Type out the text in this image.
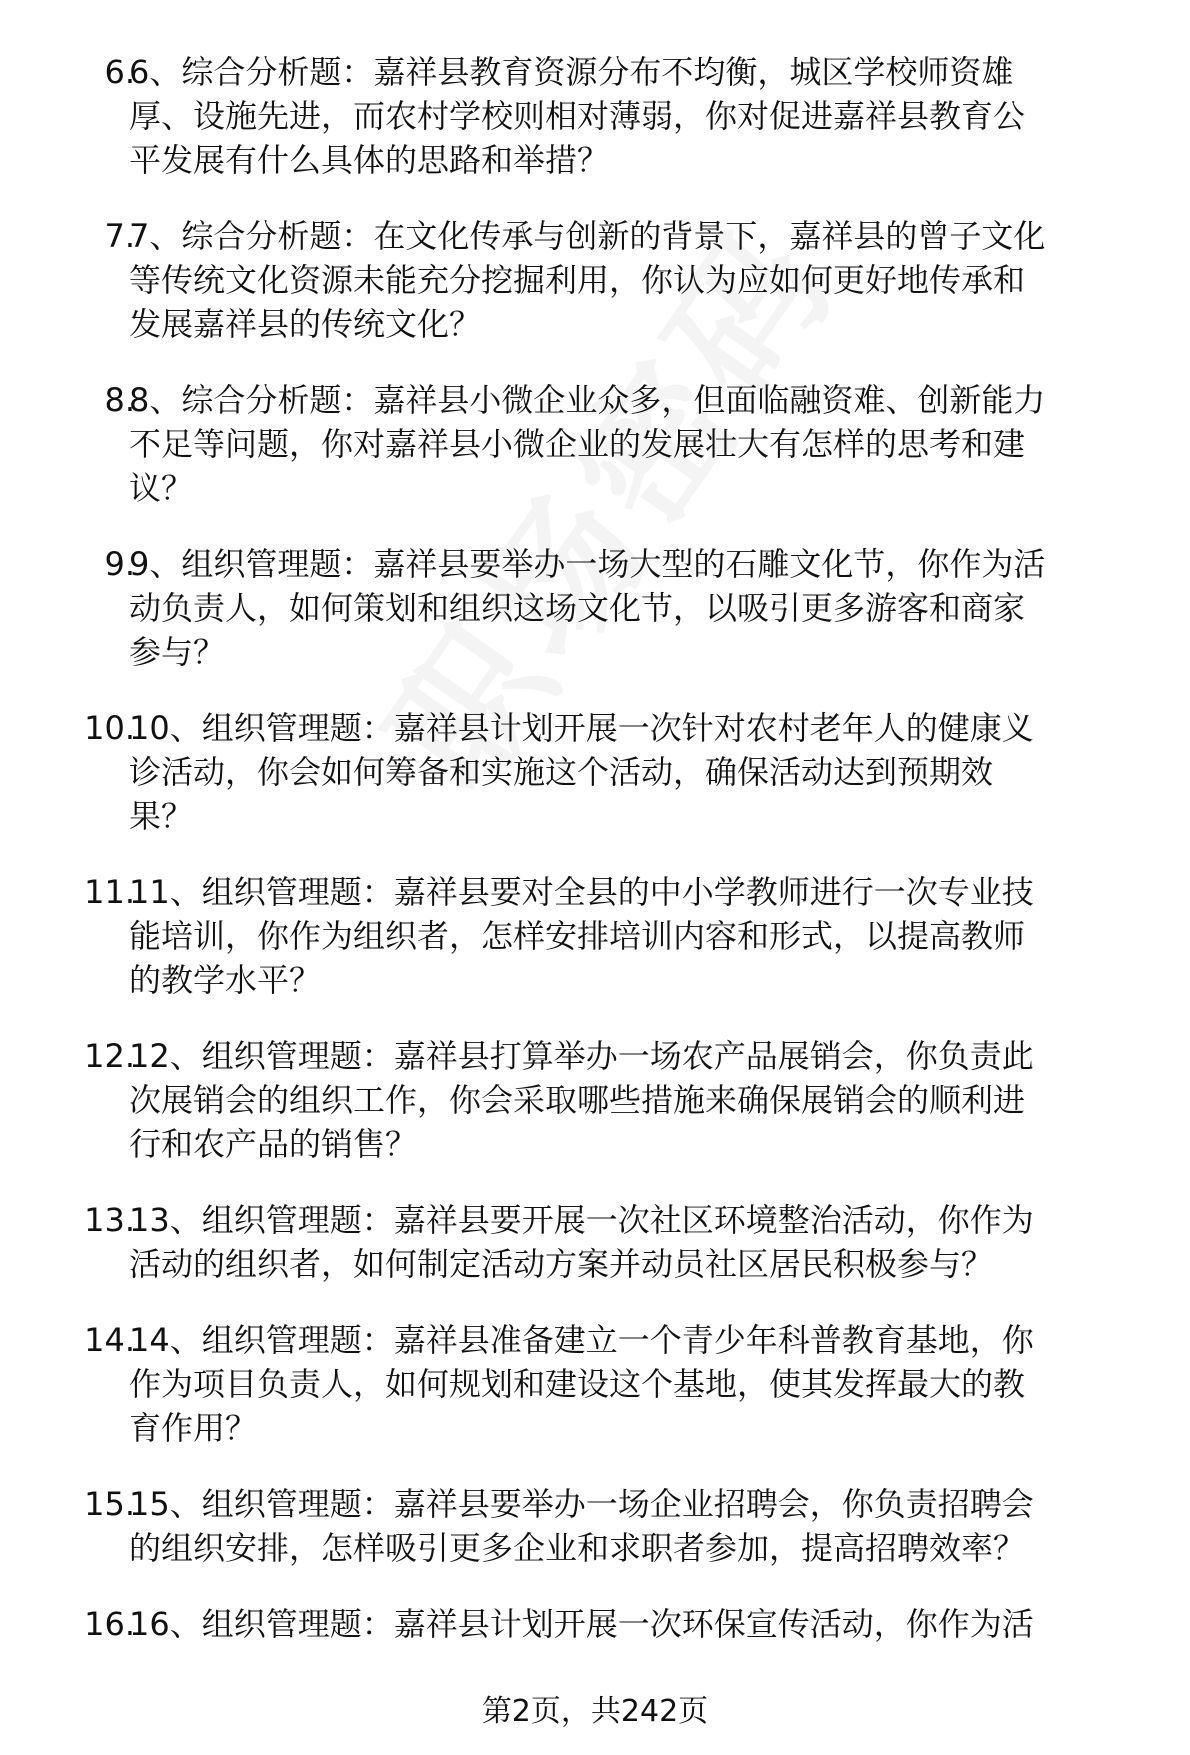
6.
6、综合分析题：嘉祥县教育资源分布不均衡，城区学校师资雄
厚、设施先进，而农村学校则相对薄弱，你对促进嘉祥县教育公
平发展有什么具体的思路和举措？
7.
7、综合分析题：在文化传承与创新的背景下，嘉祥县的曾子文化
等传统文化资源未能充分挖掘利用，你认为应如何更好地传承和
发展嘉祥县的传统文化？
8.
8、综合分析题：嘉祥县小微企业众多，但面临融资难、创新能力
不足等问题，你对嘉祥县小微企业的发展壮大有怎样的思考和建
议？
9.
9、组织管理题：嘉祥县要举办一场大型的石雕文化节，你作为活
动负责人，如何策划和组织这场文化节，以吸引更多游客和商家
参与？
10.
10、组织管理题：嘉祥县计划开展一次针对农村老年人的健康义
诊活动，你会如何筹备和实施这个活动，确保活动达到预期效
果？
11.
11、组织管理题：嘉祥县要对全县的中小学教师进行一次专业技
能培训，你作为组织者，怎样安排培训内容和形式，以提高教师
的教学水平？
12.
12、组织管理题：嘉祥县打算举办一场农产品展销会，你负责此
次展销会的组织工作，你会采取哪些措施来确保展销会的顺利进
行和农产品的销售？
13.
13、组织管理题：嘉祥县要开展一次社区环境整治活动，你作为
活动的组织者，如何制定活动方案并动员社区居民积极参与？
14.
14、组织管理题：嘉祥县准备建立一个青少年科普教育基地，你
作为项目负责人，如何规划和建设这个基地，使其发挥最大的教
育作用？
15.
15、组织管理题：嘉祥县要举办一场企业招聘会，你负责招聘会
的组织安排，怎样吸引更多企业和求职者参加，提高招聘效率？
16.
16、组织管理题：嘉祥县计划开展一次环保宣传活动，你作为活
第2页，共242页
